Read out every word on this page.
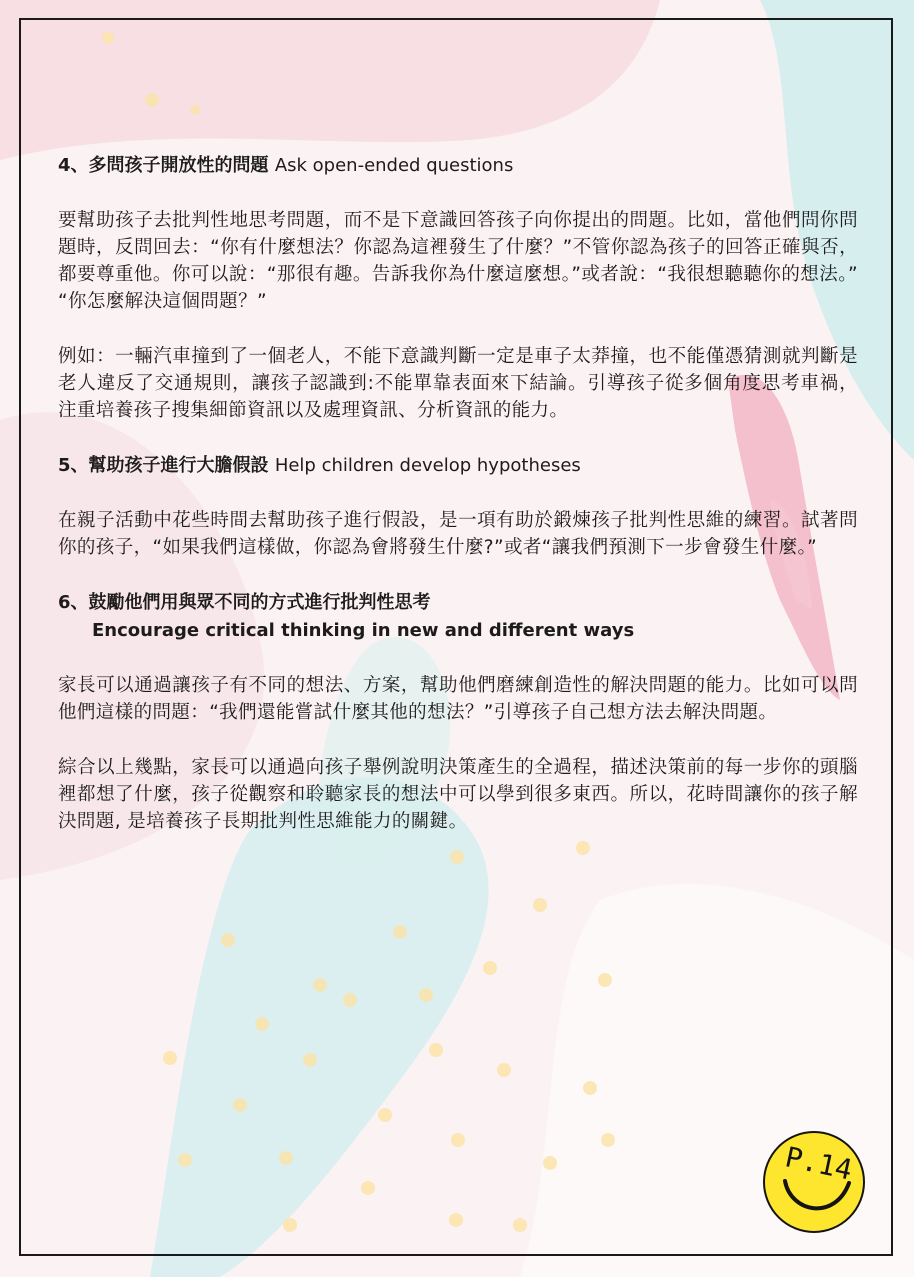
4、多問孩子開放性的問題 Ask open-ended questions

要幫助孩子去批判性地思考問題，而不是下意識回答孩子向你提出的問題。比如，當他們問你問題時，反問回去：“你有什麼想法？你認為這裡發生了什麼？”不管你認為孩子的回答正確與否，都要尊重他。你可以說：“那很有趣。告訴我你為什麼這麼想。”或者說：“我很想聽聽你的想法。” “你怎麼解決這個問題？”

例如：一輛汽車撞到了一個老人，不能下意識判斷一定是車子太莽撞，也不能僅憑猜測就判斷是老人違反了交通規則，讓孩子認識到:不能單靠表面來下結論。引導孩子從多個角度思考車禍，注重培養孩子搜集細節資訊以及處理資訊、分析資訊的能力。

5、幫助孩子進行大膽假設 Help children develop hypotheses

在親子活動中花些時間去幫助孩子進行假設，是一項有助於鍛煉孩子批判性思維的練習。試著問你的孩子，“如果我們這樣做，你認為會將發生什麼?”或者“讓我們預測下一步會發生什麼。”

6、鼓勵他們用與眾不同的方式進行批判性思考
Encourage critical thinking in new and different ways

家長可以通過讓孩子有不同的想法、方案，幫助他們磨練創造性的解決問題的能力。比如可以問他們這樣的問題：“我們還能嘗試什麼其他的想法？”引導孩子自己想方法去解決問題。

綜合以上幾點，家長可以通過向孩子舉例說明決策產生的全過程，描述決策前的每一步你的頭腦裡都想了什麼，孩子從觀察和聆聽家長的想法中可以學到很多東西。所以，花時間讓你的孩子解決問題, 是培養孩子長期批判性思維能力的關鍵。

P.14
